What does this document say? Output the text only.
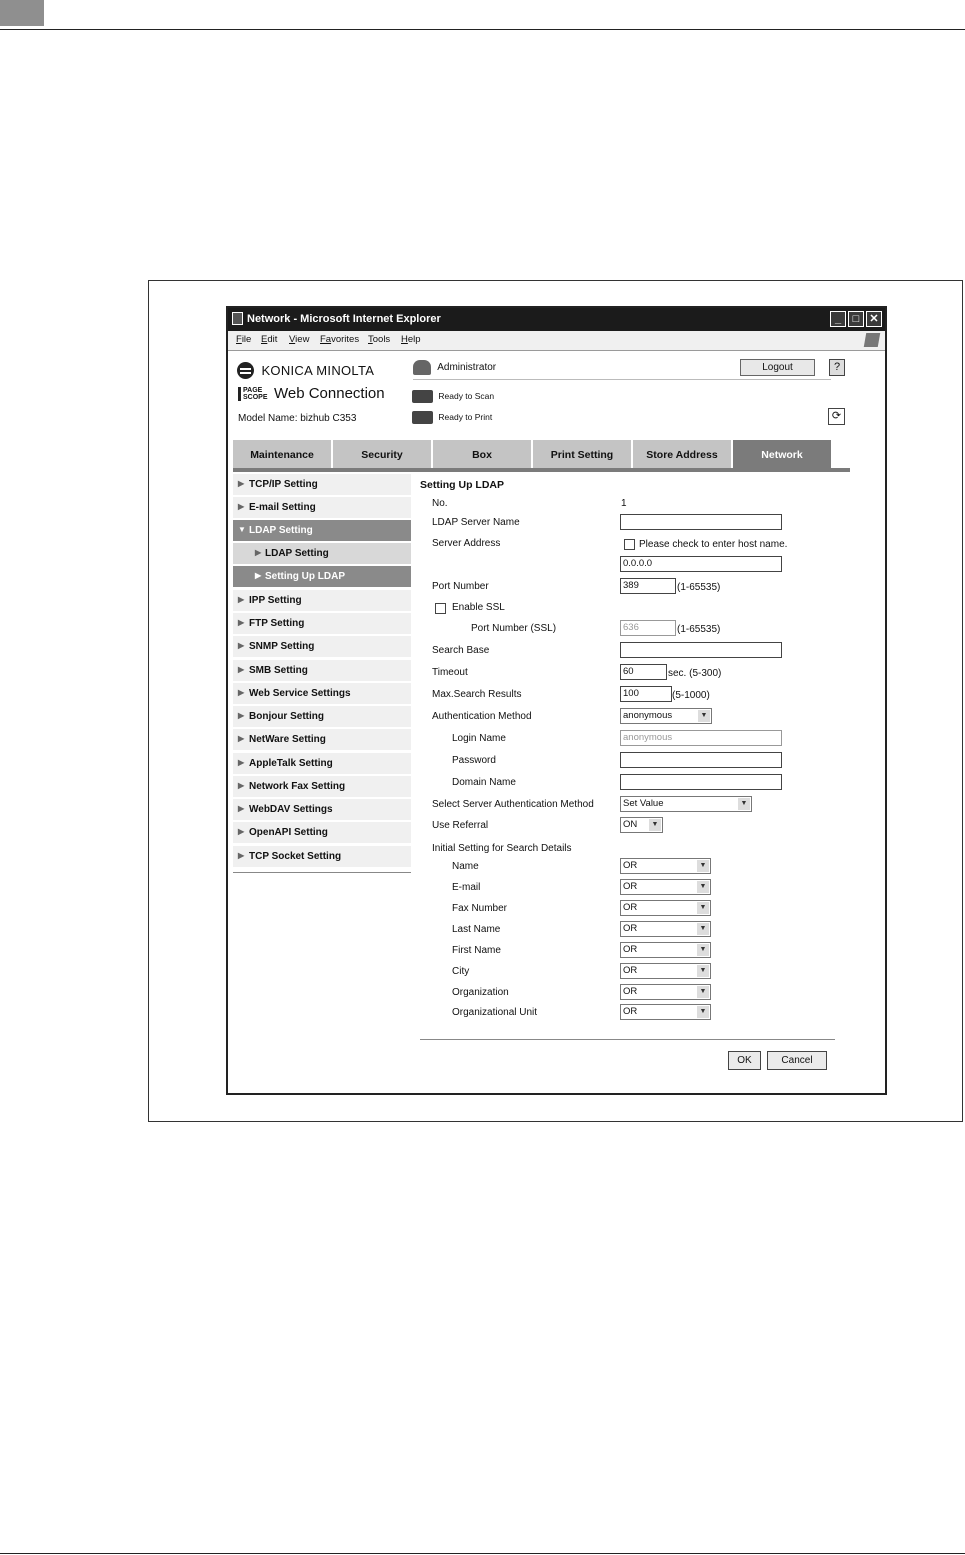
Network - Microsoft Internet Explorer	_	□ ✕
File Edit View Favorites Tools Help
KONICA MINOLTA
PAGE
SCOPE Web Connection
Model Name: bizhub C353
Administrator	Logout	?
Ready to Scan
Ready to Print	⟳
Maintenance	Security	Box	Print Setting	Store Address	Network
▶ TCP/IP Setting
▶ E-mail Setting
▼ LDAP Setting
▶ LDAP Setting
▶ Setting Up LDAP
▶ IPP Setting
▶ FTP Setting
▶ SNMP Setting
▶ SMB Setting
▶ Web Service Settings
▶ Bonjour Setting
▶ NetWare Setting
▶ AppleTalk Setting
▶ Network Fax Setting
▶ WebDAV Settings
▶ OpenAPI Setting
▶ TCP Socket Setting
Setting Up LDAP
No.	1
LDAP Server Name
Server Address	Please check to enter host name.
0.0.0.0
Port Number	389	(1-65535)
Enable SSL
Port Number (SSL)	636	(1-65535)
Search Base
Timeout	60	sec. (5-300)
Max.Search Results	100	(5-1000)
Authentication Method	anonymous	▼
Login Name	anonymous
Password
Domain Name
Select Server Authentication Method	Set Value	▼
Use Referral	ON	▼
Initial Setting for Search Details
Name	OR	▼
E-mail	OR	▼
Fax Number	OR	▼
Last Name	OR	▼
First Name	OR	▼
City	OR	▼
Organization	OR	▼
Organizational Unit	OR	▼
OK	Cancel
